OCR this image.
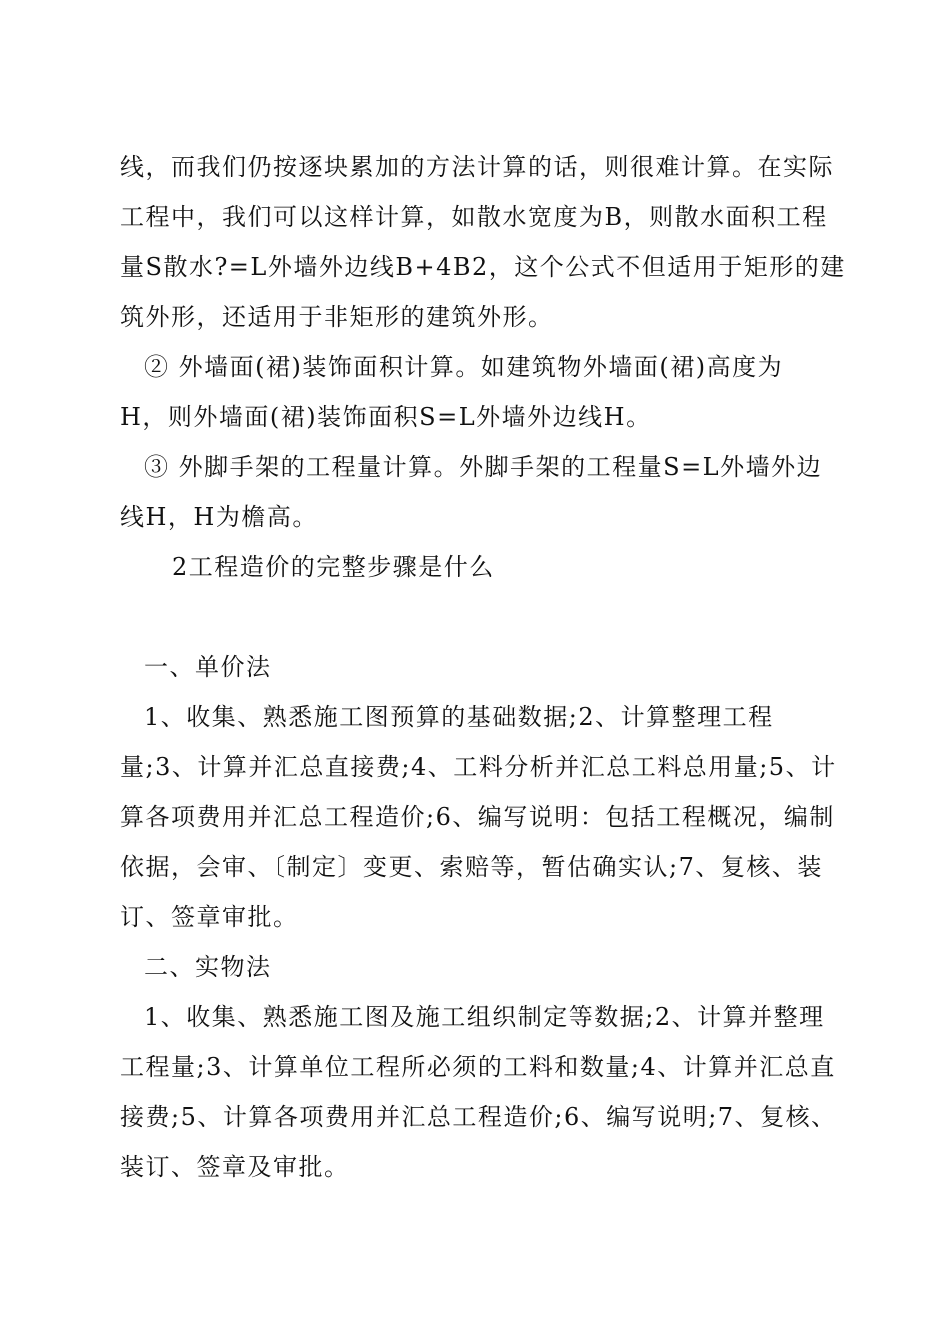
线，而我们仍按逐块累加的方法计算的话，则很难计算。在实际
工程中，我们可以这样计算，如散水宽度为B，则散水面积工程
量S散水?=L外墙外边线B+4B2，这个公式不但适用于矩形的建
筑外形，还适用于非矩形的建筑外形。
② 外墙面(裙)装饰面积计算。如建筑物外墙面(裙)高度为
H，则外墙面(裙)装饰面积S=L外墙外边线H。
③ 外脚手架的工程量计算。外脚手架的工程量S=L外墙外边
线H，H为檐高。
2工程造价的完整步骤是什么
一、单价法
1、收集、熟悉施工图预算的基础数据;2、计算整理工程
量;3、计算并汇总直接费;4、工料分析并汇总工料总用量;5、计
算各项费用并汇总工程造价;6、编写说明：包括工程概况，编制
依据，会审、〔制定〕变更、索赔等，暂估确实认;7、复核、装
订、签章审批。
二、实物法
1、收集、熟悉施工图及施工组织制定等数据;2、计算并整理
工程量;3、计算单位工程所必须的工料和数量;4、计算并汇总直
接费;5、计算各项费用并汇总工程造价;6、编写说明;7、复核、
装订、签章及审批。
